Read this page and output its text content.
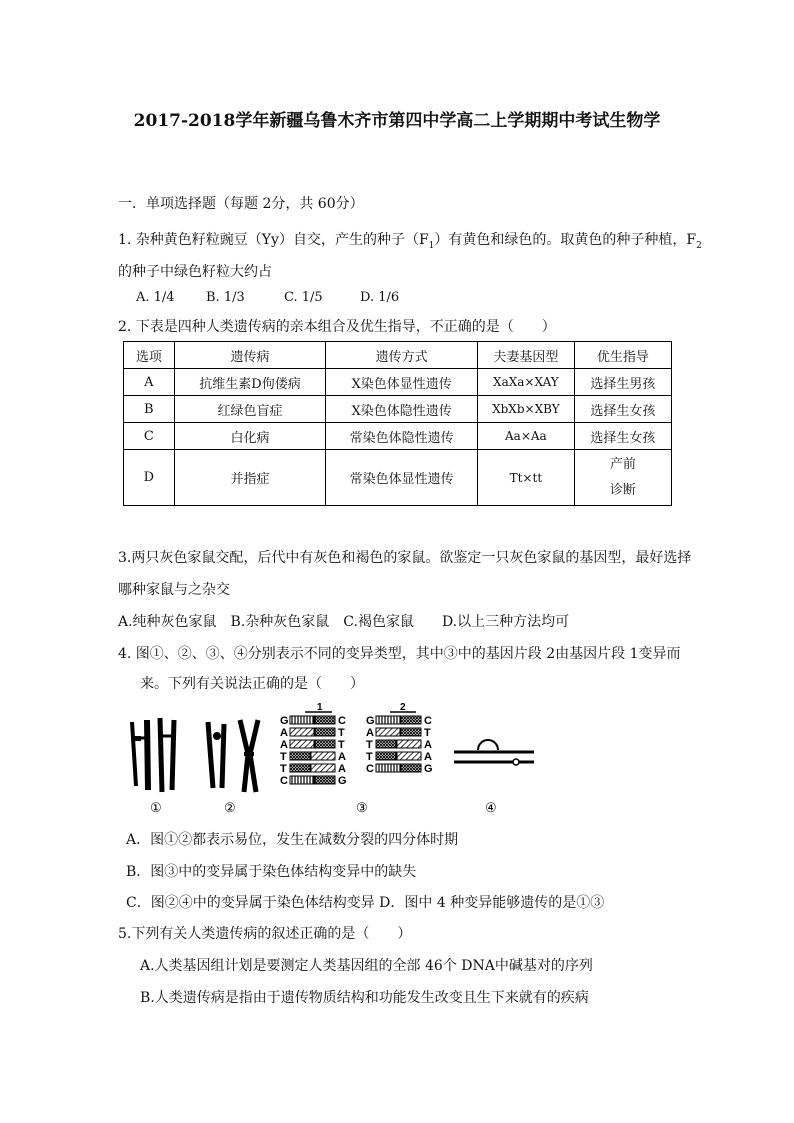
2017-2018学年新疆乌鲁木齐市第四中学高二上学期期中考试生物学
一．单项选择题（每题 2分，共 60分）
1. 杂种黄色籽粒豌豆（Yy）自交，产生的种子$(F_1)$有黄色和绿色的。取黄色的种子种植，$F_2$
的种子中绿色籽粒大约占
A. 1/4 B. 1/3	C. 1/5	D. 1/6
2. 下表是四种人类遗传病的亲本组合及优生指导，不正确的是（　　）
选项	遗传病	遗传方式	夫妻基因型	优生指导
A	抗维生素D佝偻病	X染色体显性遗传	XaXa×XAY	选择生男孩
B	红绿色盲症	X染色体隐性遗传	XbXb×XBY	选择生女孩
C	白化病	常染色体隐性遗传	Aa×Aa	选择生女孩
D	并指症	常染色体显性遗传	Tt×tt	产前
诊断
3.两只灰色家鼠交配，后代中有灰色和褐色的家鼠。欲鉴定一只灰色家鼠的基因型，最好选择
哪种家鼠与之杂交
A.纯种灰色家鼠　B.杂种灰色家鼠　C.褐色家鼠　　D.以上三种方法均可
4. 图①、②、③、④分别表示不同的变异类型，其中③中的基因片段 2由基因片段 1变异而
来。下列有关说法正确的是（　　）
1	2
G
A
A
T
T
C
C
T
T
A
A
G
G
A
T
T
C
C
T
A
A
G
①	②	③	④
A．图①②都表示易位，发生在减数分裂的四分体时期
B．图③中的变异属于染色体结构变异中的缺失
C．图②④中的变异属于染色体结构变异 D．图中 4 种变异能够遗传的是①③
5.下列有关人类遗传病的叙述正确的是（　　）
A.人类基因组计划是要测定人类基因组的全部 46个 DNA中碱基对的序列
B.人类遗传病是指由于遗传物质结构和功能发生改变且生下来就有的疾病
